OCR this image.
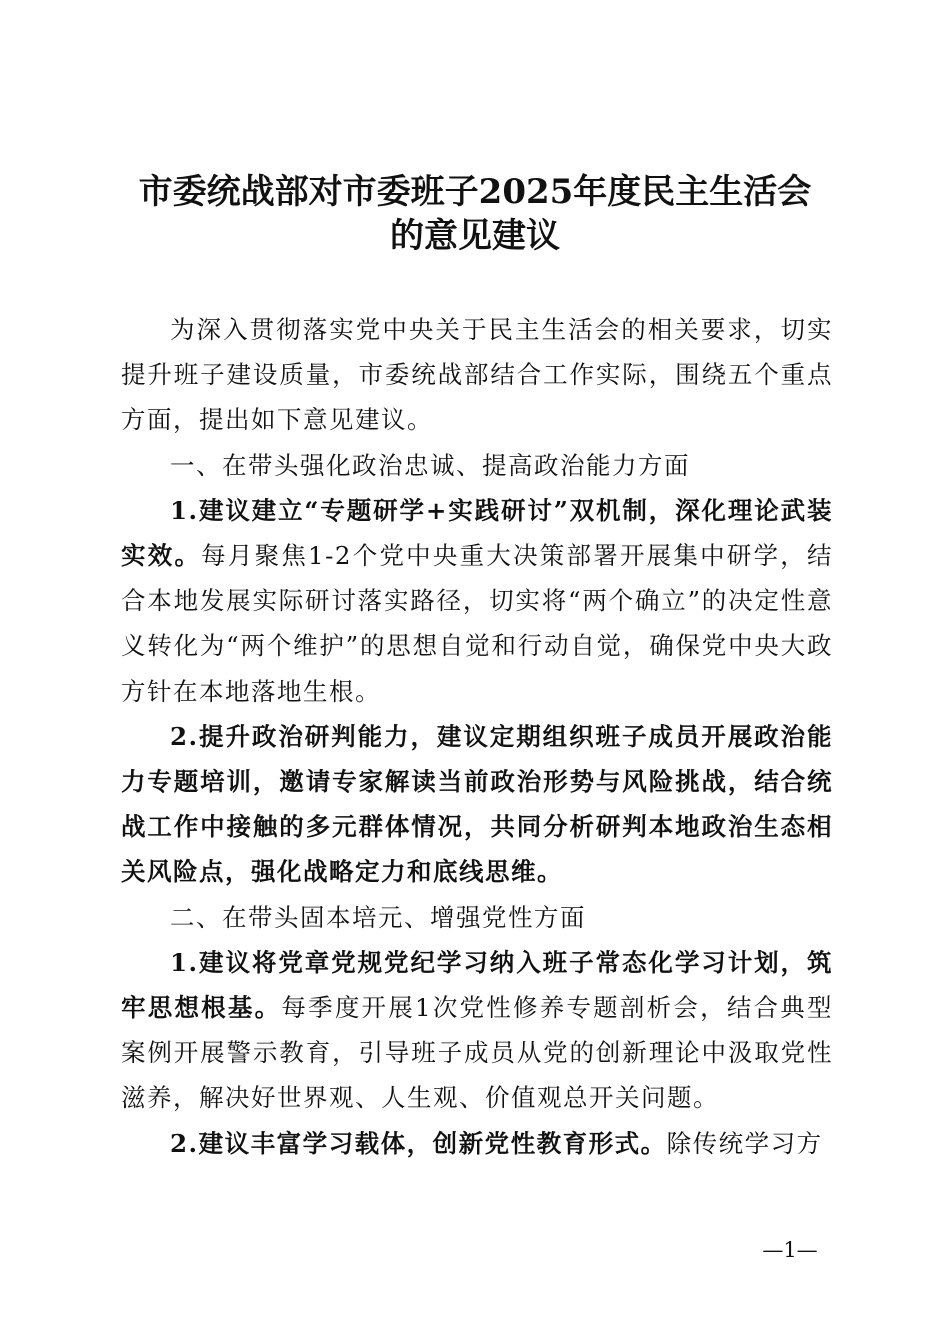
市委统战部对市委班子2025年度民主生活会
的意见建议

为深入贯彻落实党中央关于民主生活会的相关要求，切实提升班子建设质量，市委统战部结合工作实际，围绕五个重点方面，提出如下意见建议。

一、在带头强化政治忠诚、提高政治能力方面

1.建议建立“专题研学+实践研讨”双机制，深化理论武装实效。每月聚焦1-2个党中央重大决策部署开展集中研学，结合本地发展实际研讨落实路径，切实将“两个确立”的决定性意义转化为“两个维护”的思想自觉和行动自觉，确保党中央大政方针在本地落地生根。

2.提升政治研判能力，建议定期组织班子成员开展政治能力专题培训，邀请专家解读当前政治形势与风险挑战，结合统战工作中接触的多元群体情况，共同分析研判本地政治生态相关风险点，强化战略定力和底线思维。

二、在带头固本培元、增强党性方面

1.建议将党章党规党纪学习纳入班子常态化学习计划，筑牢思想根基。每季度开展1次党性修养专题剖析会，结合典型案例开展警示教育，引导班子成员从党的创新理论中汲取党性滋养，解决好世界观、人生观、价值观总开关问题。

2.建议丰富学习载体，创新党性教育形式。除传统学习方

—1—
